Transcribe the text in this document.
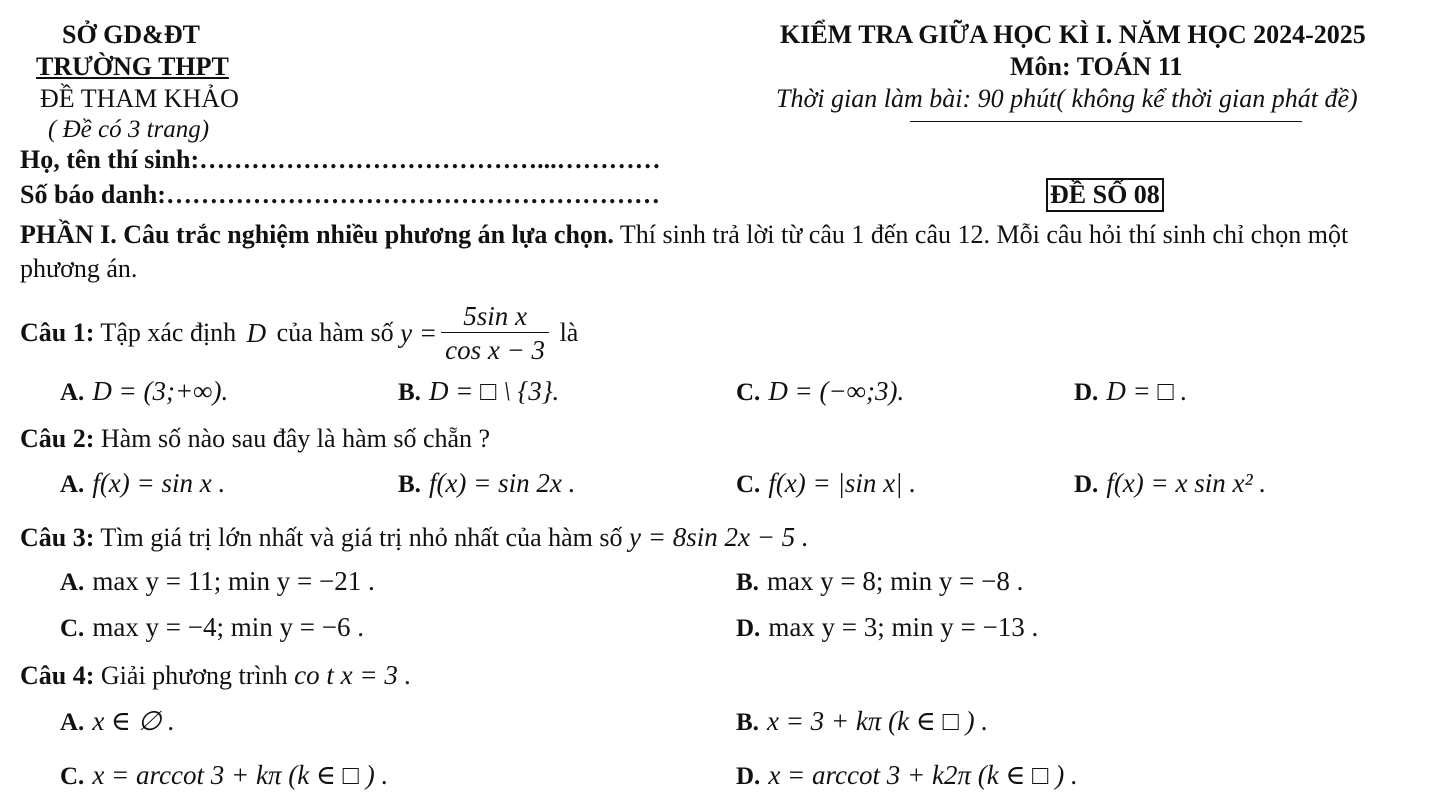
SỞ GD&ĐT
TRƯỜNG THPT
ĐỀ THAM KHẢO
( Đề có 3 trang)
KIỂM TRA GIỮA HỌC KÌ I. NĂM HỌC 2024-2025
Môn: TOÁN 11
Thời gian làm bài: 90 phút( không kể thời gian phát đề)
Họ, tên thí sinh:…………………………………...…………
Số báo danh:…………………………………………………	ĐỀ SỐ 08
PHẦN I. Câu trắc nghiệm nhiều phương án lựa chọn. Thí sinh trả lời từ câu 1 đến câu 12. Mỗi câu hỏi thí sinh chỉ chọn một
phương án.
Câu 1: Tập xác định D của hàm số $y = \frac{\text{5sin x}}{\text{cos x − 3}}$ là
A. D = (3;+∞).	B. D = □ \ {3}.	C. D = (−∞;3).	D. D = □ .
Câu 2: Hàm số nào sau đây là hàm số chẵn ?
A. f(x) = sin x .	B. f(x) = sin 2x .	C. f(x) = |sin x| .	D. f(x) = x sin x² .
Câu 3: Tìm giá trị lớn nhất và giá trị nhỏ nhất của hàm số y = 8sin 2x − 5 .
A. max y = 11; min y = −21 .	B. max y = 8; min y = −8 .
C. max y = −4; min y = −6 .	D. max y = 3; min y = −13 .
Câu 4: Giải phương trình co t x = 3 .
A. x ∈ ∅ .	B. x = 3 + kπ (k ∈ □ ) .
C. x = arccot 3 + kπ (k ∈ □ ) .	D. x = arccot 3 + k2π (k ∈ □ ) .
